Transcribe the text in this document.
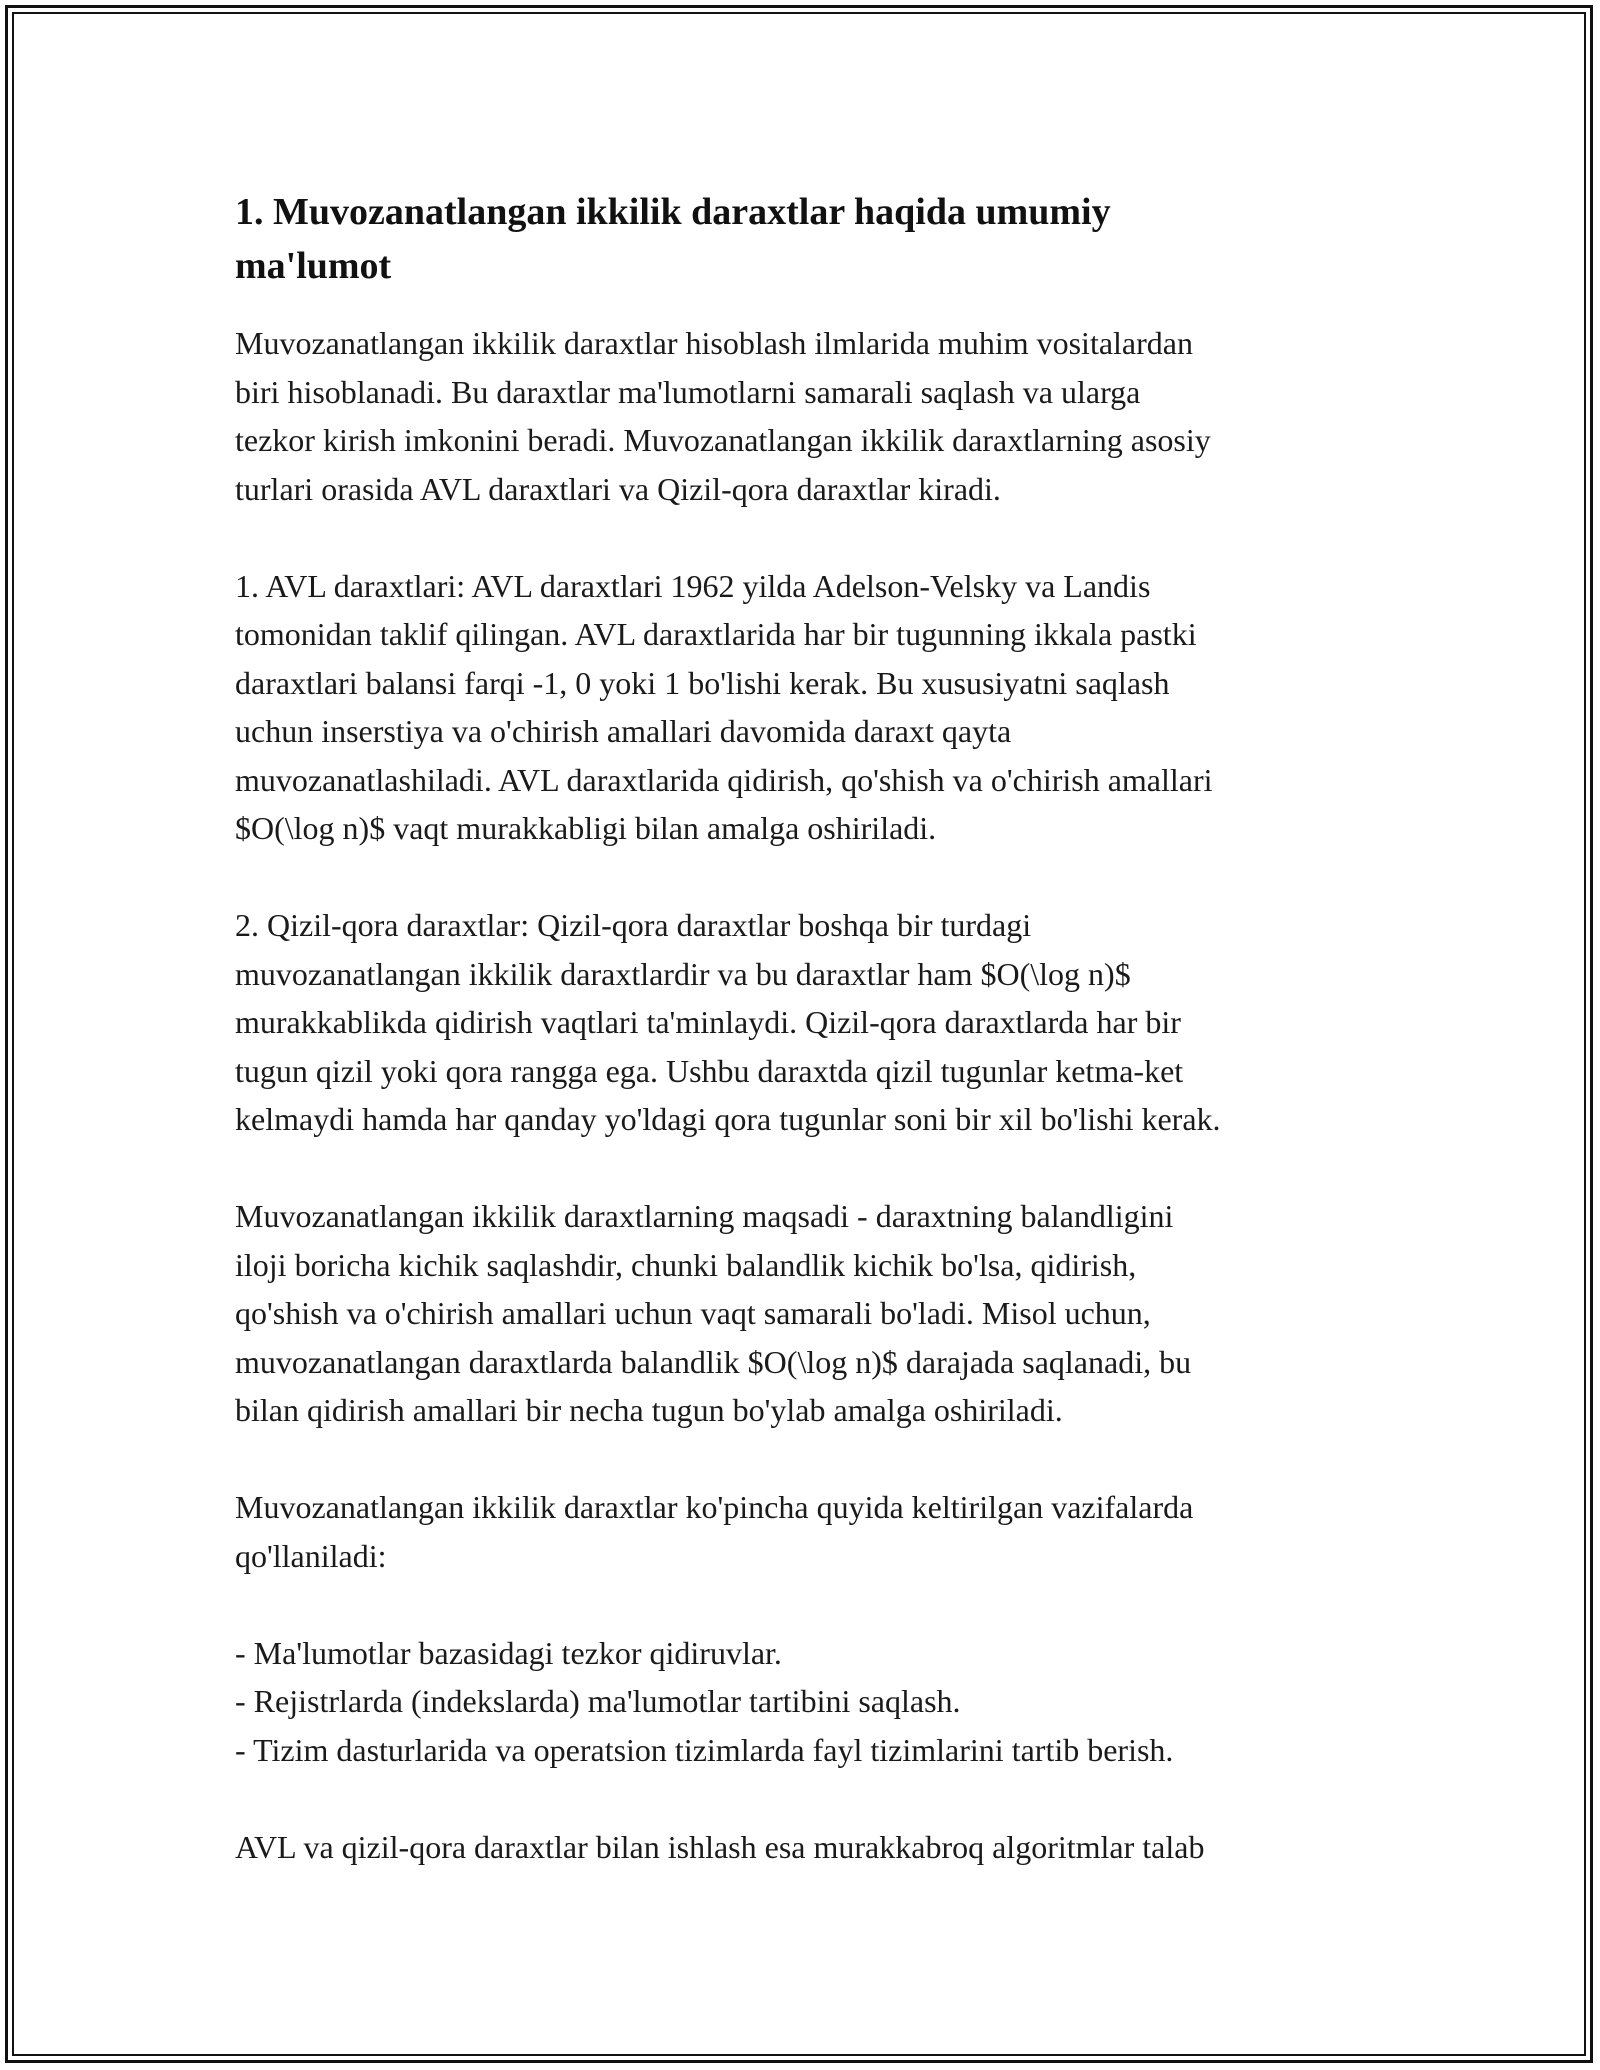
1. Muvozanatlangan ikkilik daraxtlar haqida umumiy
ma'lumot

Muvozanatlangan ikkilik daraxtlar hisoblash ilmlarida muhim vositalardan
biri hisoblanadi. Bu daraxtlar ma'lumotlarni samarali saqlash va ularga
tezkor kirish imkonini beradi. Muvozanatlangan ikkilik daraxtlarning asosiy
turlari orasida AVL daraxtlari va Qizil-qora daraxtlar kiradi.

1. AVL daraxtlari: AVL daraxtlari 1962 yilda Adelson-Velsky va Landis
tomonidan taklif qilingan. AVL daraxtlarida har bir tugunning ikkala pastki
daraxtlari balansi farqi -1, 0 yoki 1 bo'lishi kerak. Bu xususiyatni saqlash
uchun inserstiya va o'chirish amallari davomida daraxt qayta
muvozanatlashiladi. AVL daraxtlarida qidirish, qo'shish va o'chirish amallari
$O(\log n)$ vaqt murakkabligi bilan amalga oshiriladi.

2. Qizil-qora daraxtlar: Qizil-qora daraxtlar boshqa bir turdagi
muvozanatlangan ikkilik daraxtlardir va bu daraxtlar ham $O(\log n)$
murakkablikda qidirish vaqtlari ta'minlaydi. Qizil-qora daraxtlarda har bir
tugun qizil yoki qora rangga ega. Ushbu daraxtda qizil tugunlar ketma-ket
kelmaydi hamda har qanday yo'ldagi qora tugunlar soni bir xil bo'lishi kerak.

Muvozanatlangan ikkilik daraxtlarning maqsadi - daraxtning balandligini
iloji boricha kichik saqlashdir, chunki balandlik kichik bo'lsa, qidirish,
qo'shish va o'chirish amallari uchun vaqt samarali bo'ladi. Misol uchun,
muvozanatlangan daraxtlarda balandlik $O(\log n)$ darajada saqlanadi, bu
bilan qidirish amallari bir necha tugun bo'ylab amalga oshiriladi.

Muvozanatlangan ikkilik daraxtlar ko'pincha quyida keltirilgan vazifalarda
qo'llaniladi:

- Ma'lumotlar bazasidagi tezkor qidiruvlar.
- Rejistrlarda (indekslarda) ma'lumotlar tartibini saqlash.
- Tizim dasturlarida va operatsion tizimlarda fayl tizimlarini tartib berish.

AVL va qizil-qora daraxtlar bilan ishlash esa murakkabroq algoritmlar talab
